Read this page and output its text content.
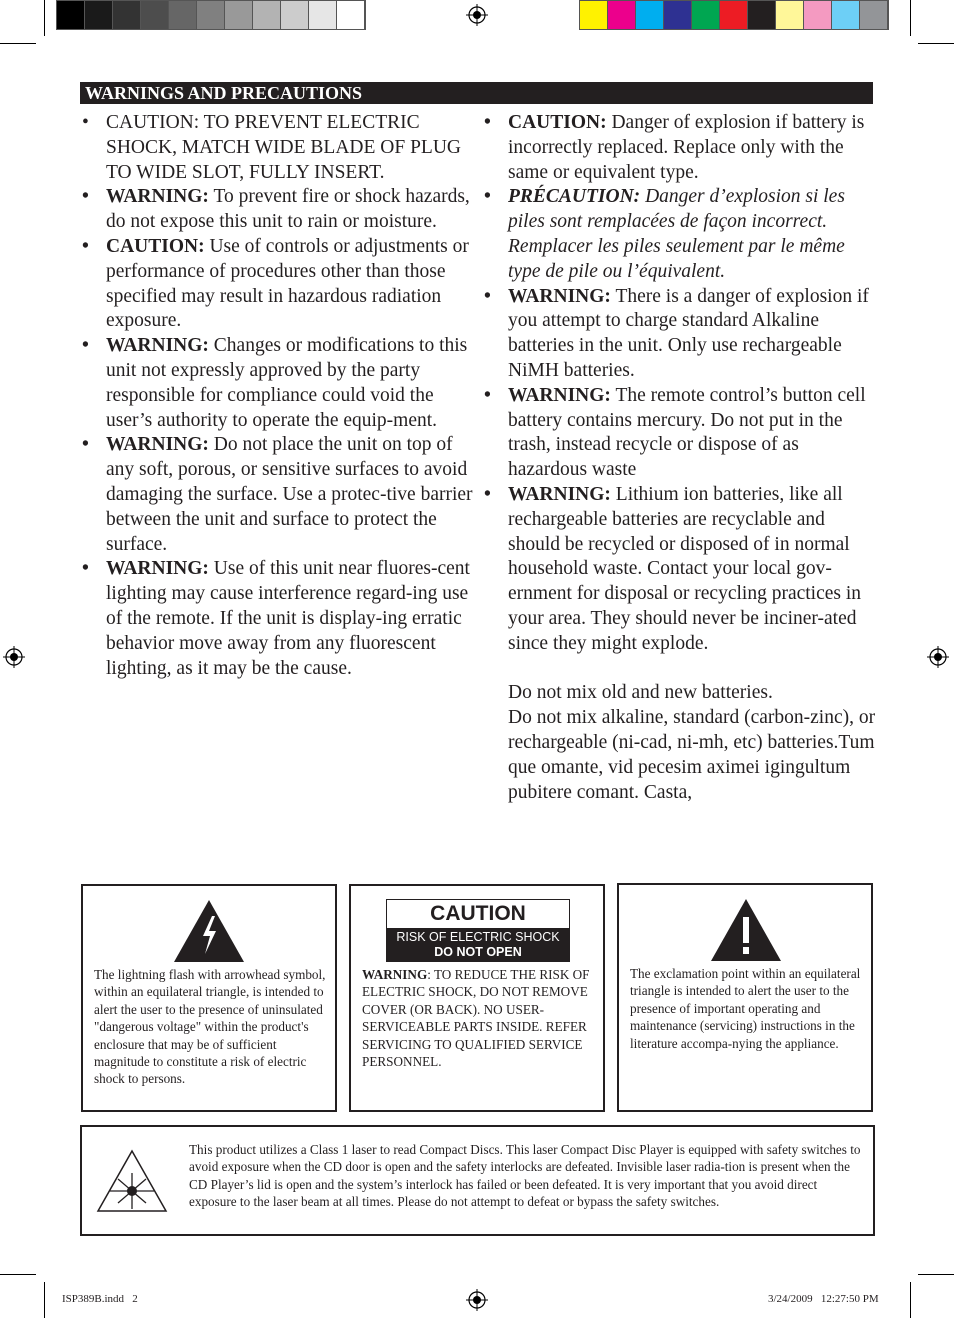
WARNINGS AND PRECAUTIONS
• CAUTION: TO PREVENT ELECTRIC SHOCK, MATCH WIDE BLADE OF PLUG TO WIDE SLOT, FULLY INSERT.
• WARNING: To prevent fire or shock hazards, do not expose this unit to rain or moisture.
• CAUTION: Use of controls or adjustments or performance of procedures other than those specified may result in hazardous radiation exposure.
• WARNING: Changes or modifications to this unit not expressly approved by the party responsible for compliance could void the user’s authority to operate the equip-ment.
• WARNING: Do not place the unit on top of any soft, porous, or sensitive surfaces to avoid damaging the surface. Use a protec-tive barrier between the unit and surface to protect the surface.
• WARNING: Use of this unit near fluores-cent lighting may cause interference regard-ing use of the remote. If the unit is display-ing erratic behavior move away from any fluorescent lighting, as it may be the cause.
• CAUTION: Danger of explosion if battery is incorrectly replaced. Replace only with the same or equivalent type.
• PRÉCAUTION: Danger d’explosion si les piles sont remplacées de façon incorrect. Remplacer les piles seulement par le même type de pile ou l’équivalent.
• WARNING: There is a danger of explosion if you attempt to charge standard Alkaline batteries in the unit. Only use rechargeable NiMH batteries.
• WARNING: The remote control’s button cell battery contains mercury. Do not put in the trash, instead recycle or dispose of as hazardous waste
• WARNING: Lithium ion batteries, like all rechargeable batteries are recyclable and should be recycled or disposed of in normal household waste. Contact your local gov-ernment for disposal or recycling practices in your area. They should never be inciner-ated since they might explode.
Do not mix old and new batteries.
Do not mix alkaline, standard (carbon-zinc), or rechargeable (ni-cad, ni-mh, etc) batteries.Tum que omante, vid pecesim aximei igingultum pubitere comant. Casta,
The lightning flash with arrowhead symbol, within an equilateral triangle, is intended to alert the user to the presence of uninsulated "dangerous voltage" within the product's enclosure that may be of sufficient magnitude to constitute a risk of electric shock to persons.
CAUTION
RISK OF ELECTRIC SHOCK
DO NOT OPEN
WARNING: TO REDUCE THE RISK OF ELECTRIC SHOCK, DO NOT REMOVE COVER (OR BACK). NO USER-SERVICEABLE PARTS INSIDE. REFER SERVICING TO QUALIFIED SERVICE PERSONNEL.
The exclamation point within an equilateral triangle is intended to alert the user to the presence of important operating and maintenance (servicing) instructions in the literature accompa-nying the appliance.
This product utilizes a Class 1 laser to read Compact Discs. This laser Compact Disc Player is equipped with safety switches to avoid exposure when the CD door is open and the safety interlocks are defeated. Invisible laser radia-tion is present when the CD Player’s lid is open and the system’s interlock has failed or been defeated. It is very important that you avoid direct exposure to the laser beam at all times. Please do not attempt to defeat or bypass the safety switches.
ISP389B.indd   2	3/24/2009   12:27:50 PM
